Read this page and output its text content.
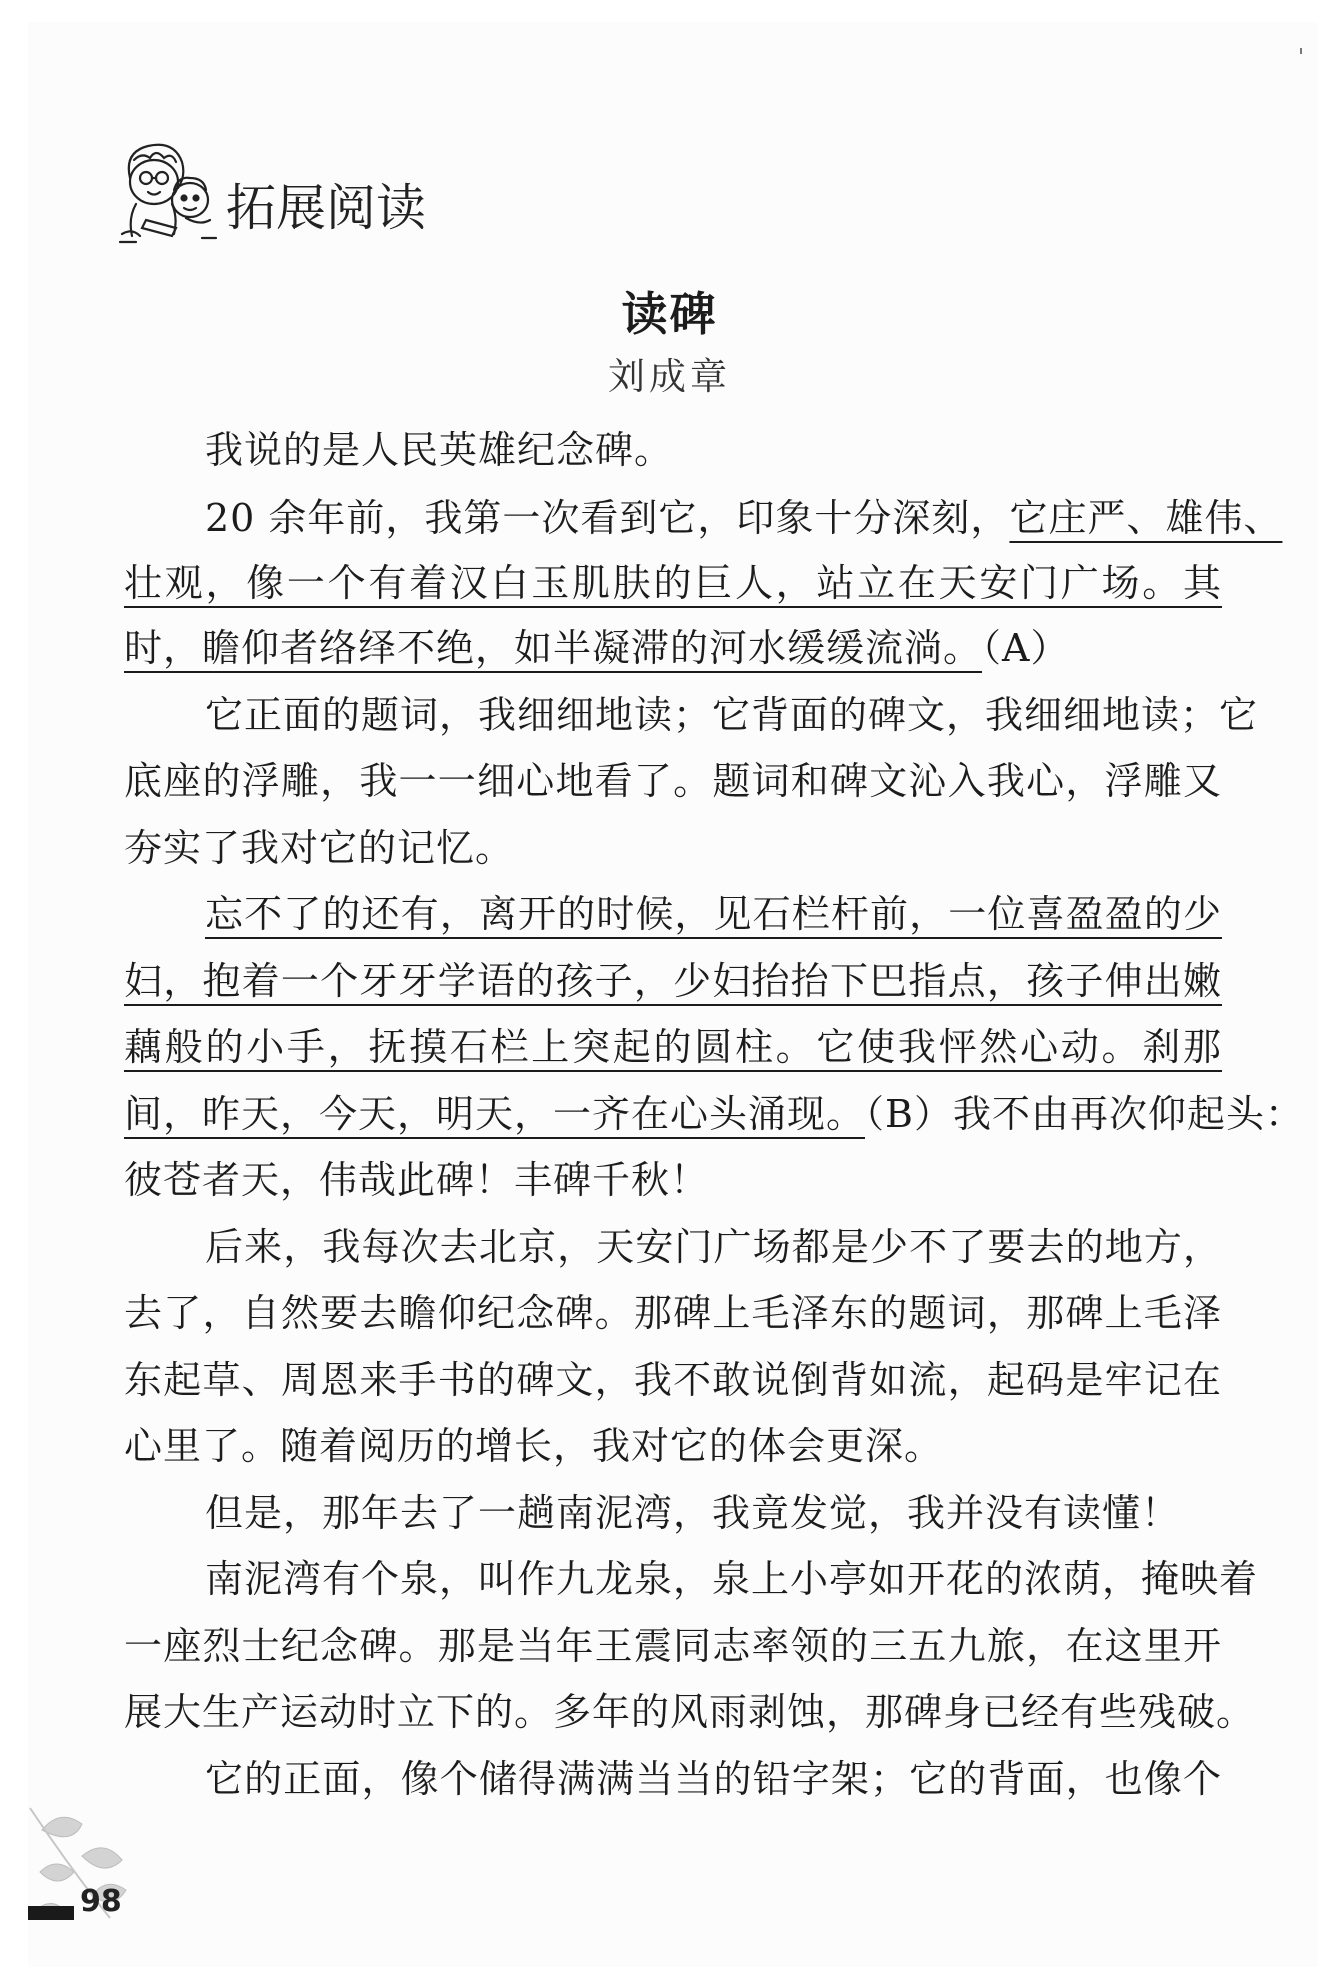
拓展阅读
读碑
刘成章
我说的是人民英雄纪念碑。
20 余年前，我第一次看到它，印象十分深刻，它庄严、雄伟、
壮观，像一个有着汉白玉肌肤的巨人，站立在天安门广场。其
时，瞻仰者络绎不绝，如半凝滞的河水缓缓流淌。（A）
它正面的题词，我细细地读；它背面的碑文，我细细地读；它
底座的浮雕，我一一细心地看了。题词和碑文沁入我心，浮雕又
夯实了我对它的记忆。
忘不了的还有，离开的时候，见石栏杆前，一位喜盈盈的少
妇，抱着一个牙牙学语的孩子，少妇抬抬下巴指点，孩子伸出嫩
藕般的小手，抚摸石栏上突起的圆柱。它使我怦然心动。刹那
间，昨天，今天，明天，一齐在心头涌现。（B）我不由再次仰起头：
彼苍者天，伟哉此碑！丰碑千秋！
后来，我每次去北京，天安门广场都是少不了要去的地方，
去了，自然要去瞻仰纪念碑。那碑上毛泽东的题词，那碑上毛泽
东起草、周恩来手书的碑文，我不敢说倒背如流，起码是牢记在
心里了。随着阅历的增长，我对它的体会更深。
但是，那年去了一趟南泥湾，我竟发觉，我并没有读懂！
南泥湾有个泉，叫作九龙泉，泉上小亭如开花的浓荫，掩映着
一座烈士纪念碑。那是当年王震同志率领的三五九旅，在这里开
展大生产运动时立下的。多年的风雨剥蚀，那碑身已经有些残破。
它的正面，像个储得满满当当的铅字架；它的背面，也像个
98
